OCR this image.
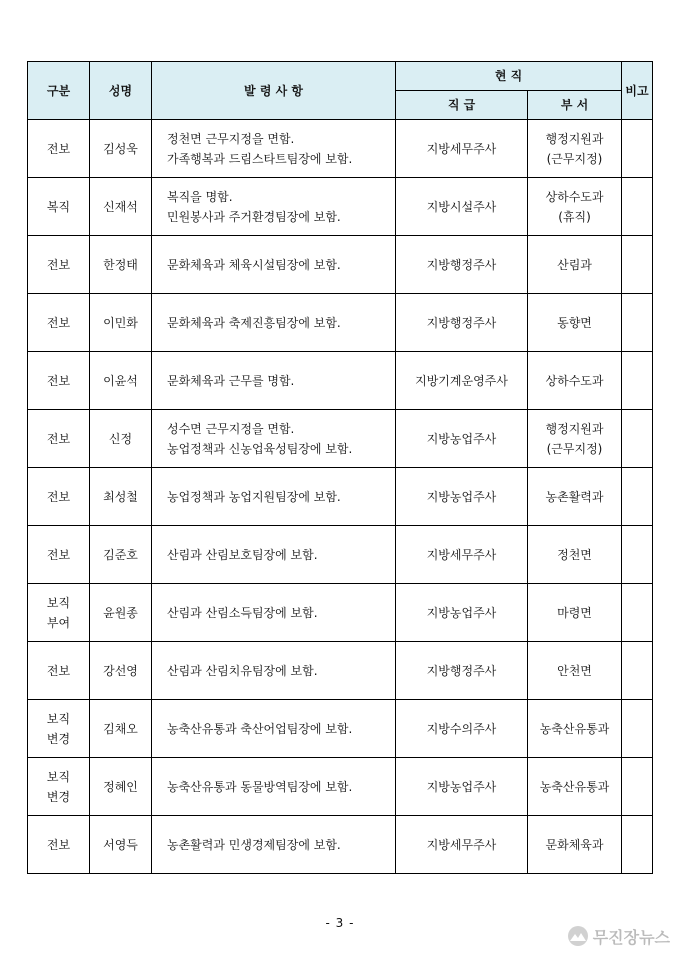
구분	성명	발 령 사 항	현 직		비고
			직 급	부 서	

전보	김성욱	정천면 근무지정을 면함.
가족행복과 드림스타트팀장에 보함.	지방세무주사	행정지원과
(근무지정)	

복직	신재석	복직을 명함.
민원봉사과 주거환경팀장에 보함.	지방시설주사	상하수도과
(휴직)	

전보	한정태	문화체육과 체육시설팀장에 보함.	지방행정주사	산림과	

전보	이민화	문화체육과 축제진흥팀장에 보함.	지방행정주사	동향면	

전보	이윤석	문화체육과 근무를 명함.	지방기계운영주사	상하수도과	

전보	신정	성수면 근무지정을 면함.
농업정책과 신농업육성팀장에 보함.	지방농업주사	행정지원과
(근무지정)	

전보	최성철	농업정책과 농업지원팀장에 보함.	지방농업주사	농촌활력과	

전보	김준호	산림과 산림보호팀장에 보함.	지방세무주사	정천면	

보직
부여	윤원종	산림과 산림소득팀장에 보함.	지방농업주사	마령면	

전보	강선영	산림과 산림치유팀장에 보함.	지방행정주사	안천면	

보직
변경	김채오	농축산유통과 축산어업팀장에 보함.	지방수의주사	농축산유통과	

보직
변경	정혜인	농축산유통과 동물방역팀장에 보함.	지방농업주사	농축산유통과	

전보	서영득	농촌활력과 민생경제팀장에 보함.	지방세무주사	문화체육과	

- 3 -
무진장뉴스
